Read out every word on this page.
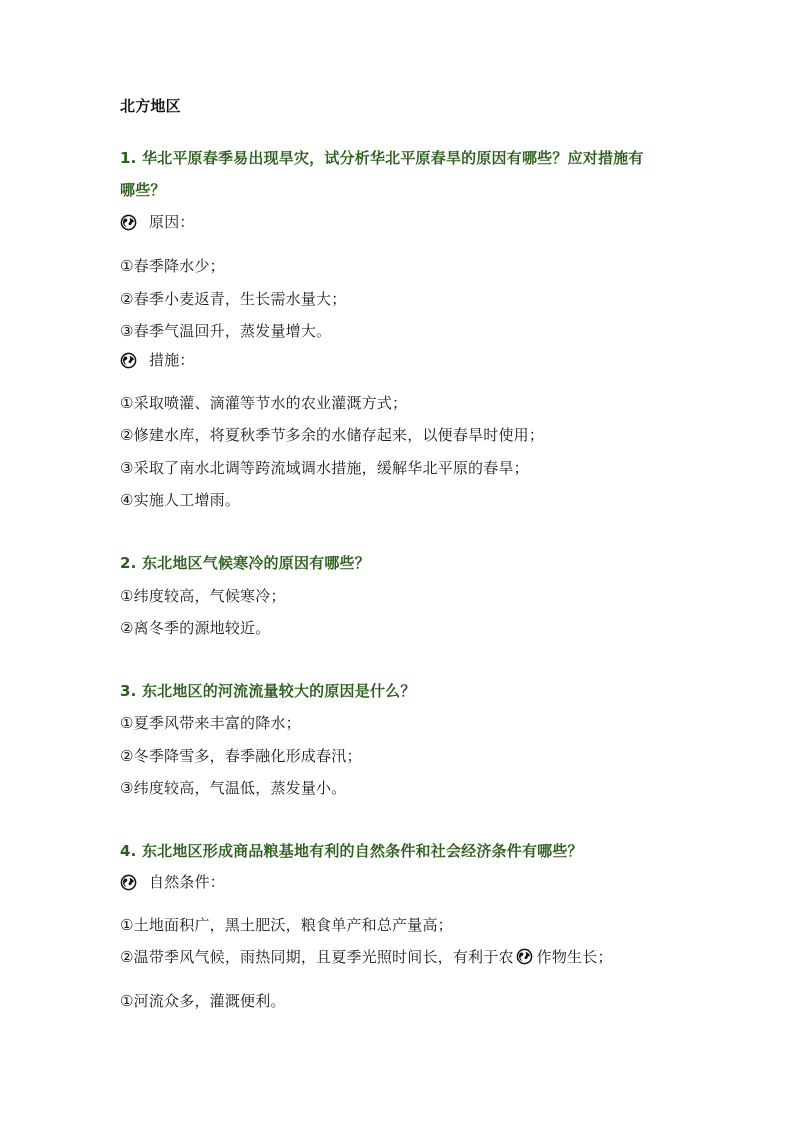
北方地区
1. 华北平原春季易出现旱灾，试分析华北平原春旱的原因有哪些？应对措施有
哪些？
原因：
①春季降水少；
②春季小麦返青，生长需水量大；
③春季气温回升，蒸发量增大。
措施：
①采取喷灌、滴灌等节水的农业灌溉方式；
②修建水库，将夏秋季节多余的水储存起来，以便春旱时使用；
③采取了南水北调等跨流域调水措施，缓解华北平原的春旱；
④实施人工增雨。
2. 东北地区气候寒冷的原因有哪些？
①纬度较高，气候寒冷；
②离冬季的源地较近。
3. 东北地区的河流流量较大的原因是什么？
①夏季风带来丰富的降水；
②冬季降雪多，春季融化形成春汛；
③纬度较高，气温低，蒸发量小。
4. 东北地区形成商品粮基地有利的自然条件和社会经济条件有哪些？
自然条件：
①土地面积广，黑土肥沃，粮食单产和总产量高；
②温带季风气候，雨热同期，且夏季光照时间长，有利于农 作物生长；
①河流众多，灌溉便利。
